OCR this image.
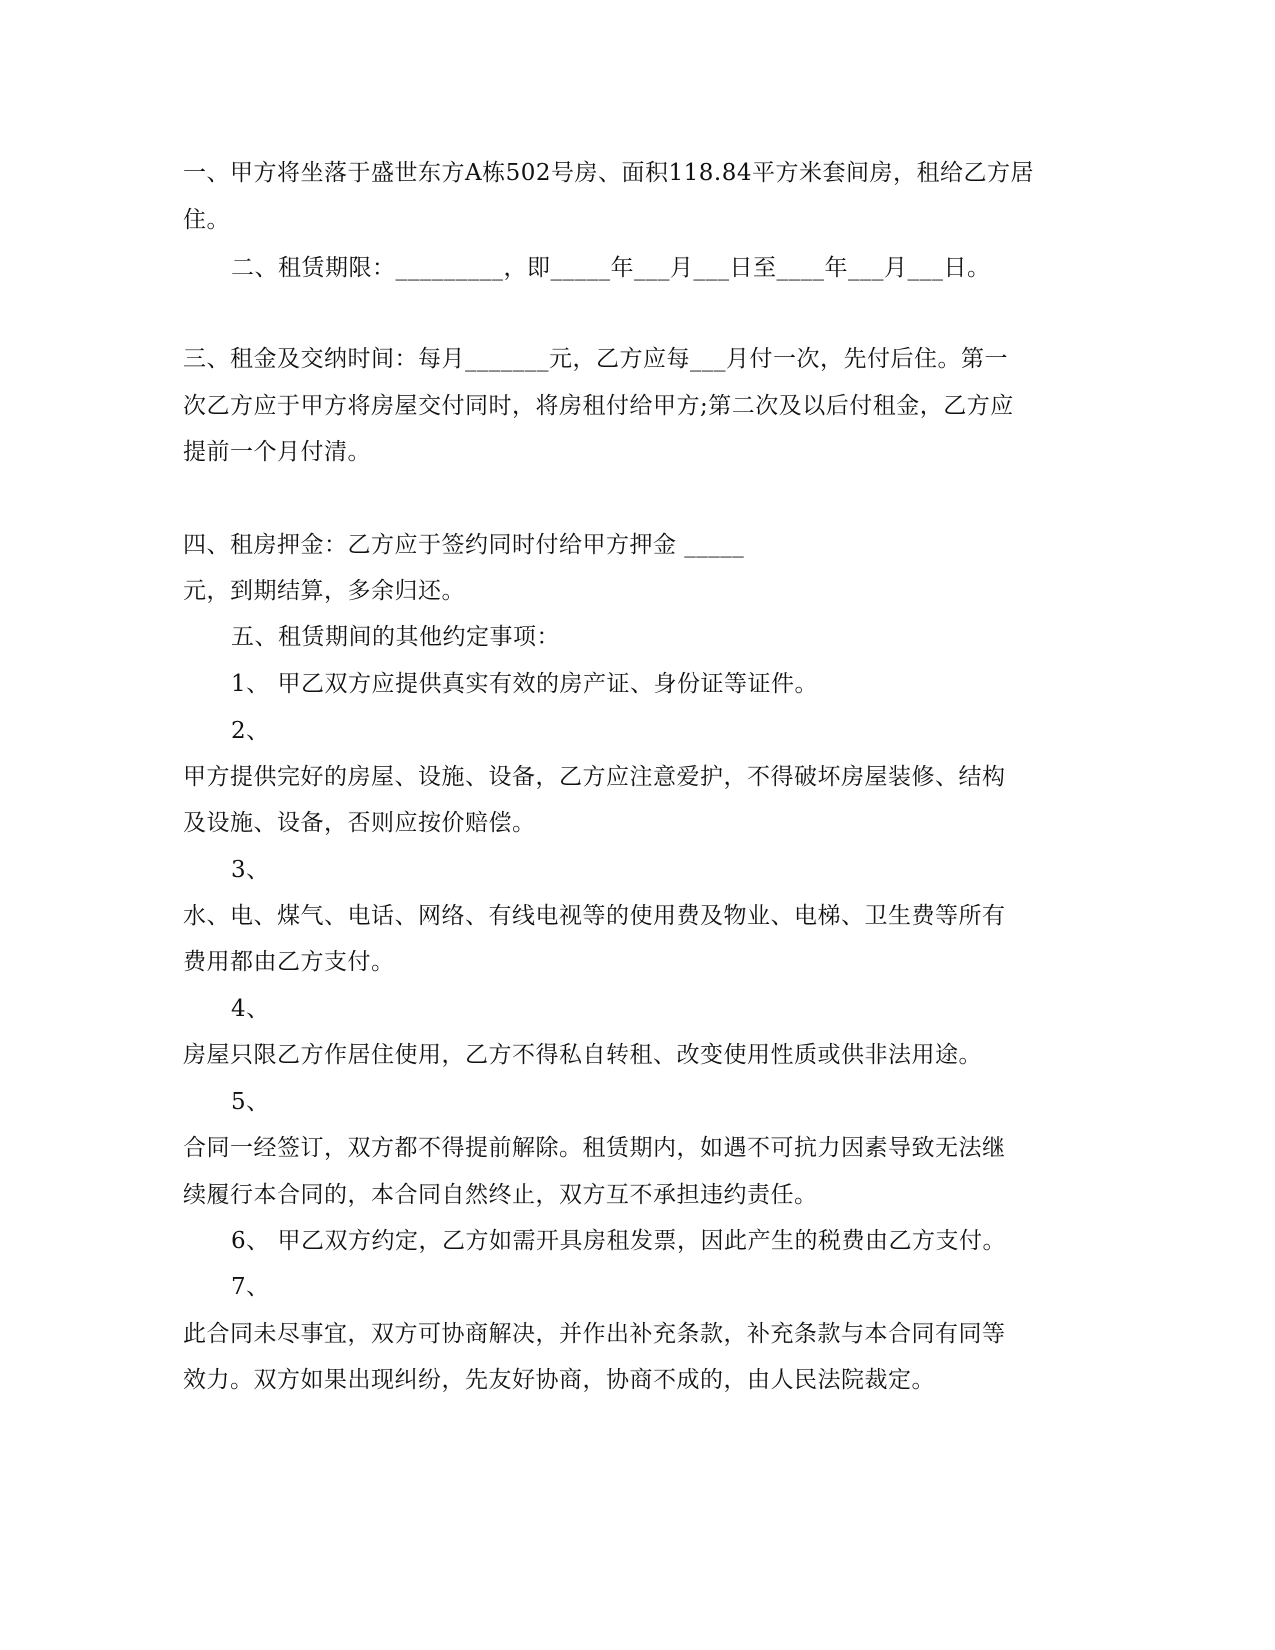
一、甲方将坐落于盛世东方A栋502号房、面积118.84平方米套间房，租给乙方居
住。
二、租赁期限：_________，即_____年___月___日至____年___月___日。
三、租金及交纳时间：每月_______元，乙方应每___月付一次，先付后住。第一
次乙方应于甲方将房屋交付同时，将房租付给甲方;第二次及以后付租金，乙方应
提前一个月付清。
四、租房押金：乙方应于签约同时付给甲方押金 _____
元，到期结算，多余归还。
五、租赁期间的其他约定事项：
1、 甲乙双方应提供真实有效的房产证、身份证等证件。
2、
甲方提供完好的房屋、设施、设备，乙方应注意爱护，不得破坏房屋装修、结构
及设施、设备，否则应按价赔偿。
3、
水、电、煤气、电话、网络、有线电视等的使用费及物业、电梯、卫生费等所有
费用都由乙方支付。
4、
房屋只限乙方作居住使用，乙方不得私自转租、改变使用性质或供非法用途。
5、
合同一经签订，双方都不得提前解除。租赁期内，如遇不可抗力因素导致无法继
续履行本合同的，本合同自然终止，双方互不承担违约责任。
6、 甲乙双方约定，乙方如需开具房租发票，因此产生的税费由乙方支付。
7、
此合同未尽事宜，双方可协商解决，并作出补充条款，补充条款与本合同有同等
效力。双方如果出现纠纷，先友好协商，协商不成的，由人民法院裁定。
